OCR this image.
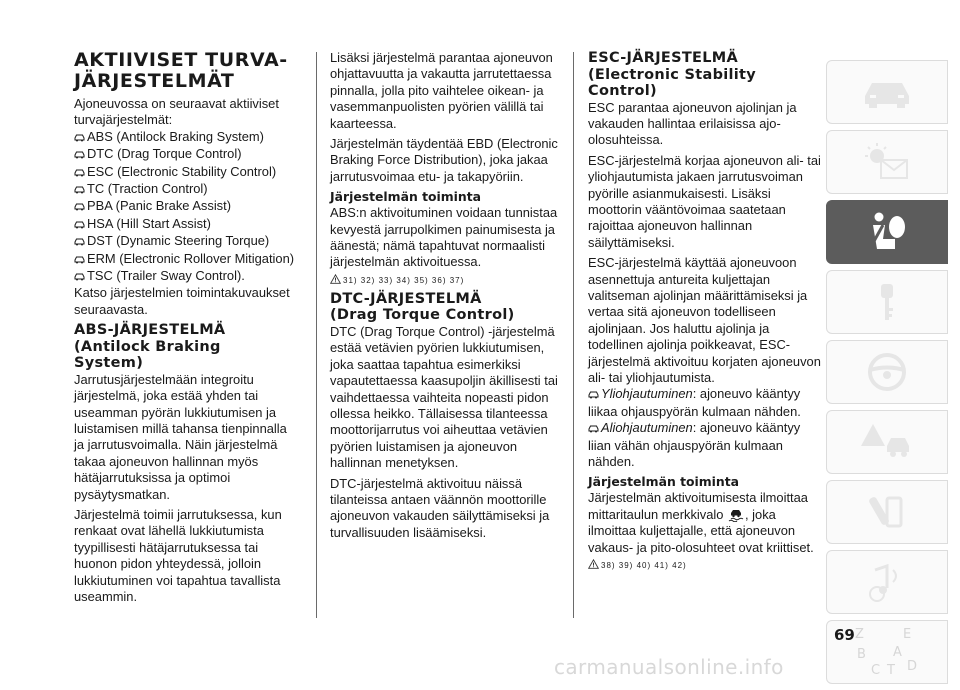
AKTIIVISET TURVA-
JÄRJESTELMÄT

Ajoneuvossa on seuraavat aktiiviset turvajärjestelmät:

ABS (Antilock Braking System)
DTC (Drag Torque Control)
ESC (Electronic Stability Control)
TC (Traction Control)
PBA (Panic Brake Assist)
HSA (Hill Start Assist)
DST (Dynamic Steering Torque)
ERM (Electronic Rollover Mitigation)
TSC (Trailer Sway Control).

Katso järjestelmien toimintakuvaukset seuraavasta.

ABS-JÄRJESTELMÄ
(Antilock Braking
System)

Jarrutusjärjestelmään integroitu järjestelmä, joka estää yhden tai useamman pyörän lukkiutumisen ja luistamisen millä tahansa tienpinnalla ja jarrutusvoimalla. Näin järjestelmä takaa ajoneuvon hallinnan myös hätäjarrutuksissa ja optimoi pysäytysmatkan.

Järjestelmä toimii jarrutuksessa, kun renkaat ovat lähellä lukkiutumista tyypillisesti hätäjarrutuksessa tai huonon pidon yhteydessä, jolloin lukkiutuminen voi tapahtua tavallista useammin.

Lisäksi järjestelmä parantaa ajoneuvon ohjattavuutta ja vakautta jarrutettaessa pinnalla, jolla pito vaihtelee oikean- ja vasemmanpuolisten pyörien välillä tai kaarteessa.

Järjestelmän täydentää EBD (Electronic Braking Force Distribution), joka jakaa jarrutusvoimaa etu- ja takapyöriin.

Järjestelmän toiminta

ABS:n aktivoituminen voidaan tunnistaa kevyestä jarrupolkimen painumisesta ja äänestä; nämä tapahtuvat normaalisti järjestelmän aktivoituessa.

31) 32) 33) 34) 35) 36) 37)
DTC-JÄRJESTELMÄ
(Drag Torque Control)

DTC (Drag Torque Control) -järjestelmä estää vetävien pyörien lukkiutumisen, joka saattaa tapahtua esimerkiksi vapautettaessa kaasupoljin äkillisesti tai vaihdettaessa vaihteita nopeasti pidon ollessa heikko. Tällaisessa tilanteessa moottorijarrutus voi aiheuttaa vetävien pyörien luistamisen ja ajoneuvon hallinnan menetyksen.

DTC-järjestelmä aktivoituu näissä tilanteissa antaen väännön moottorille ajoneuvon vakauden säilyttämiseksi ja turvallisuuden lisäämiseksi.

ESC-JÄRJESTELMÄ
(Electronic Stability
Control)

ESC parantaa ajoneuvon ajolinjan ja vakauden hallintaa erilaisissa ajo-olosuhteissa.

ESC-järjestelmä korjaa ajoneuvon ali- tai yliohjautumista jakaen jarrutusvoiman pyörille asianmukaisesti. Lisäksi moottorin vääntövoimaa saatetaan rajoittaa ajoneuvon hallinnan säilyttämiseksi.

ESC-järjestelmä käyttää ajoneuvoon asennettuja antureita kuljettajan valitseman ajolinjan määrittämiseksi ja vertaa sitä ajoneuvon todelliseen ajolinjaan. Jos haluttu ajolinja ja todellinen ajolinja poikkeavat, ESC-järjestelmä aktivoituu korjaten ajoneuvon ali- tai yliohjautumista.

Yliohjautuminen: ajoneuvo kääntyy liikaa ohjauspyörän kulmaan nähden.
Aliohjautuminen: ajoneuvo kääntyy liian vähän ohjauspyörän kulmaan nähden.
Järjestelmän toiminta

Järjestelmän aktivoitumisesta ilmoittaa mittaritaulun merkkivalo , joka ilmoittaa kuljettajalle, että ajoneuvon vakaus- ja pito-olosuhteet ovat kriittiset.

38) 39) 40) 41) 42)
Z	E
B A
C T D
69
carmanualsonline.info
